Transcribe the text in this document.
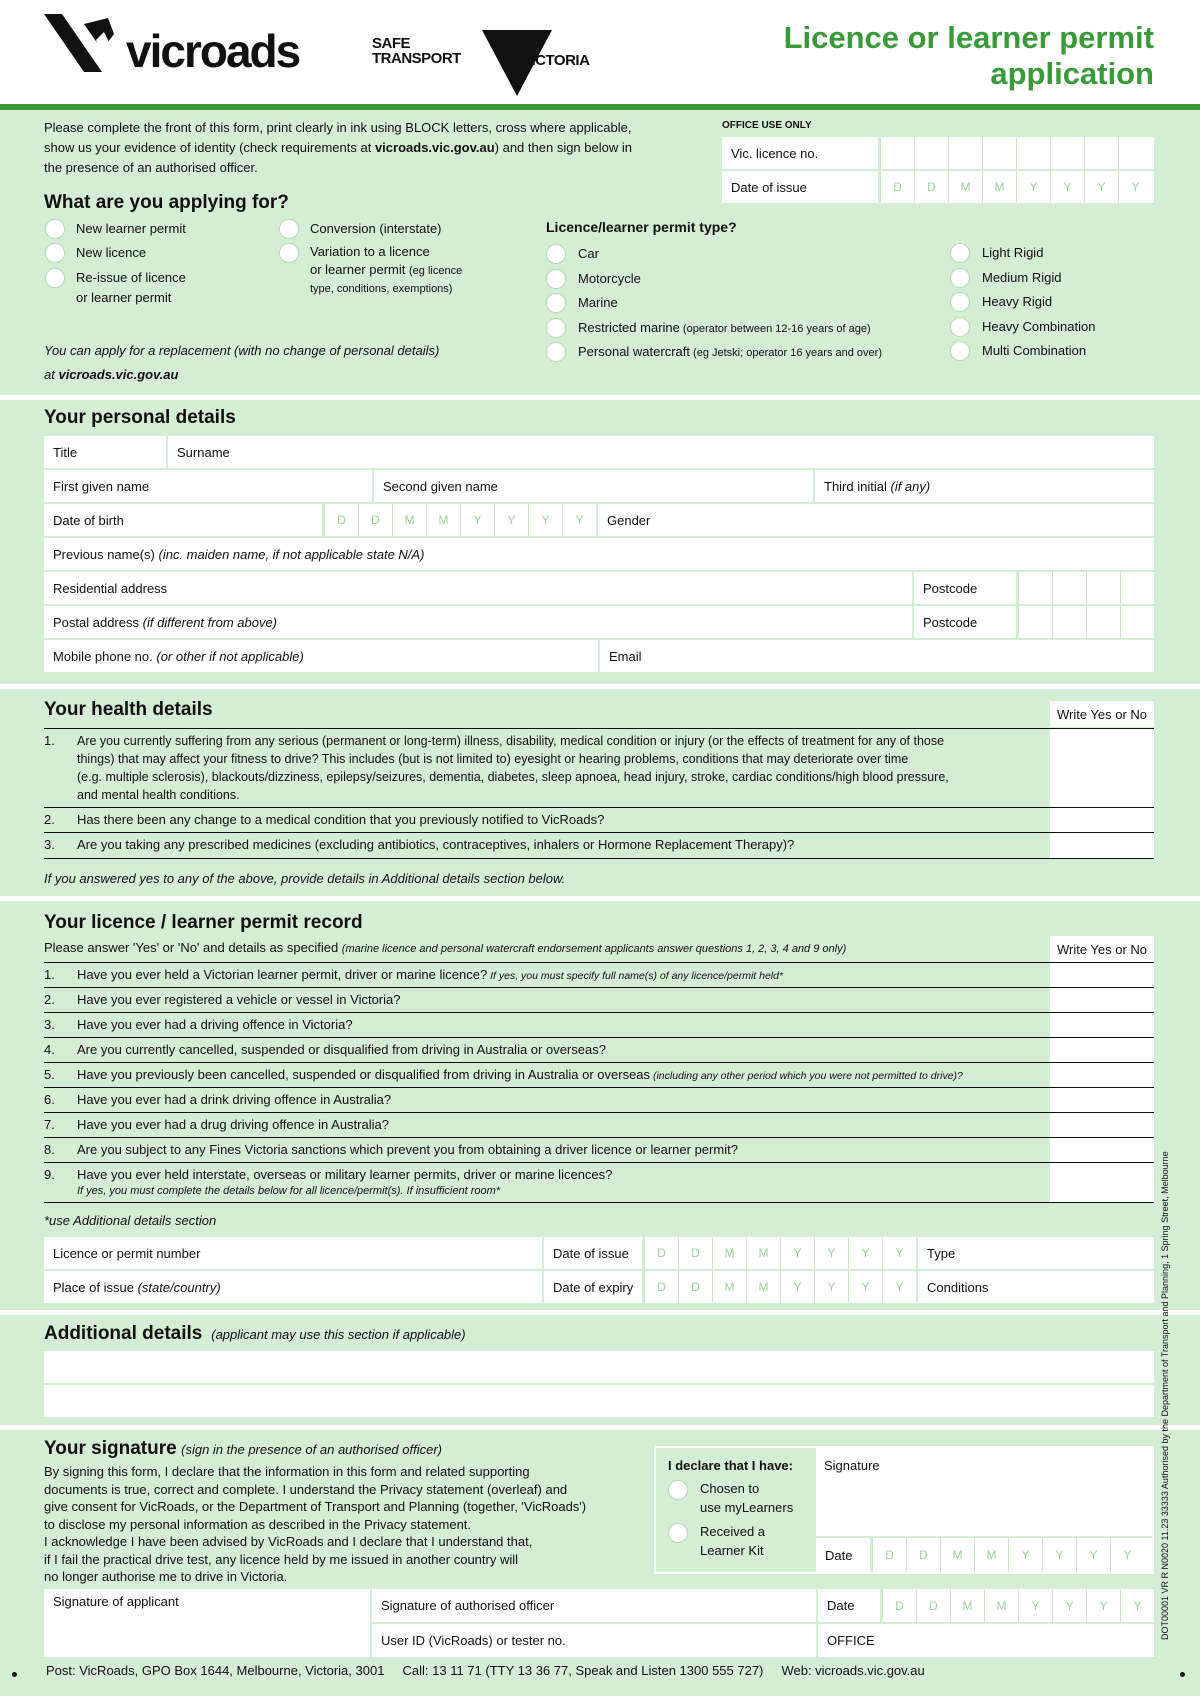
vicroads	SAFE
TRANSPORT	VICTORIA
Licence or learner permit
application
Please complete the front of this form, print clearly in ink using BLOCK letters, cross where applicable,
show us your evidence of identity (check requirements at vicroads.vic.gov.au) and then sign below in
the presence of an authorised officer.
OFFICE USE ONLY
Vic. licence no.
Date of issue	D	D	M	M	Y	Y	Y	Y
What are you applying for?
New learner permit
New licence
Re-issue of licence
or learner permit
Conversion (interstate)
Variation to a licence
or learner permit (eg licence
type, conditions, exemptions)
You can apply for a replacement (with no change of personal details)
at vicroads.vic.gov.au
Licence/learner permit type?
Car
Motorcycle
Marine
Restricted marine (operator between 12-16 years of age)
Personal watercraft (eg Jetski; operator 16 years and over)
Light Rigid
Medium Rigid
Heavy Rigid
Heavy Combination
Multi Combination
Your personal details
Title	Surname
First given name	Second given name	Third initial
(if any)
Date of birth	D	D	M	M	Y	Y	Y	Y	Gender
Previous name(s)
(inc. maiden name, if not applicable state N/A)
Residential address	Postcode
Postal address
(if different from above)	Postcode
Mobile phone no.
(or other if not applicable)	Email
Your health details	Write Yes or No
1.	Are you currently suffering from any serious (permanent or long-term) illness, disability, medical condition or injury (or the effects of treatment for any of those
things) that may affect your fitness to drive? This includes (but is not limited to) eyesight or hearing problems, conditions that may deteriorate over time
(e.g. multiple sclerosis), blackouts/dizziness, epilepsy/seizures, dementia, diabetes, sleep apnoea, head injury, stroke, cardiac conditions/high blood pressure,
and mental health conditions.
2.	Has there been any change to a medical condition that you previously notified to VicRoads?
3.	Are you taking any prescribed medicines (excluding antibiotics, contraceptives, inhalers or Hormone Replacement Therapy)?
If you answered yes to any of the above, provide details in Additional details section below.
Your licence / learner permit record
Please answer 'Yes' or 'No' and details as specified (marine licence and personal watercraft endorsement applicants answer questions 1, 2, 3, 4 and 9 only)	Write Yes or No
1.	Have you ever held a Victorian learner permit, driver or marine licence? If yes, you must specify full name(s) of any licence/permit held*
2.	Have you ever registered a vehicle or vessel in Victoria?
3.	Have you ever had a driving offence in Victoria?
4.	Are you currently cancelled, suspended or disqualified from driving in Australia or overseas?
5.	Have you previously been cancelled, suspended or disqualified from driving in Australia or overseas (including any other period which you were not permitted to drive)?
6.	Have you ever had a drink driving offence in Australia?
7.	Have you ever had a drug driving offence in Australia?
8.	Are you subject to any Fines Victoria sanctions which prevent you from obtaining a driver licence or learner permit?
9.	Have you ever held interstate, overseas or military learner permits, driver or marine licences?
If yes, you must complete the details below for all licence/permit(s). If insufficient room*
*use Additional details section
Licence or permit number	Date of issue	D	D	M	M	Y	Y	Y	Y	Type
Place of issue
(state/country)	Date of expiry	D	D	M	M	Y	Y	Y	Y	Conditions
Additional details (applicant may use this section if applicable)
Your signature (sign in the presence of an authorised officer)
By signing this form, I declare that the information in this form and related supporting
documents is true, correct and complete. I understand the Privacy statement (overleaf) and
give consent for VicRoads, or the Department of Transport and Planning (together, 'VicRoads')
to disclose my personal information as described in the Privacy statement.
I acknowledge I have been advised by VicRoads and I declare that I understand that,
if I fail the practical drive test, any licence held by me issued in another country will
no longer authorise me to drive in Victoria.
I declare that I have:
Chosen to
use myLearners
Received a
Learner Kit
Signature
Date	D	D	M	M	Y	Y	Y	Y
Signature of applicant	Signature of authorised officer	Date	D	D	M	M	Y	Y	Y	Y
User ID (VicRoads) or tester no.	OFFICE
Post: VicRoads, GPO Box 1644, Melbourne, Victoria, 3001 Call: 13 11 71 (TTY 13 36 77, Speak and Listen 1300 555 727) Web: vicroads.vic.gov.au
DOT00001 VR R N0020 11.23 33333 Authorised by the Department of Transport and Planning, 1 Spring Street, Melbourne
